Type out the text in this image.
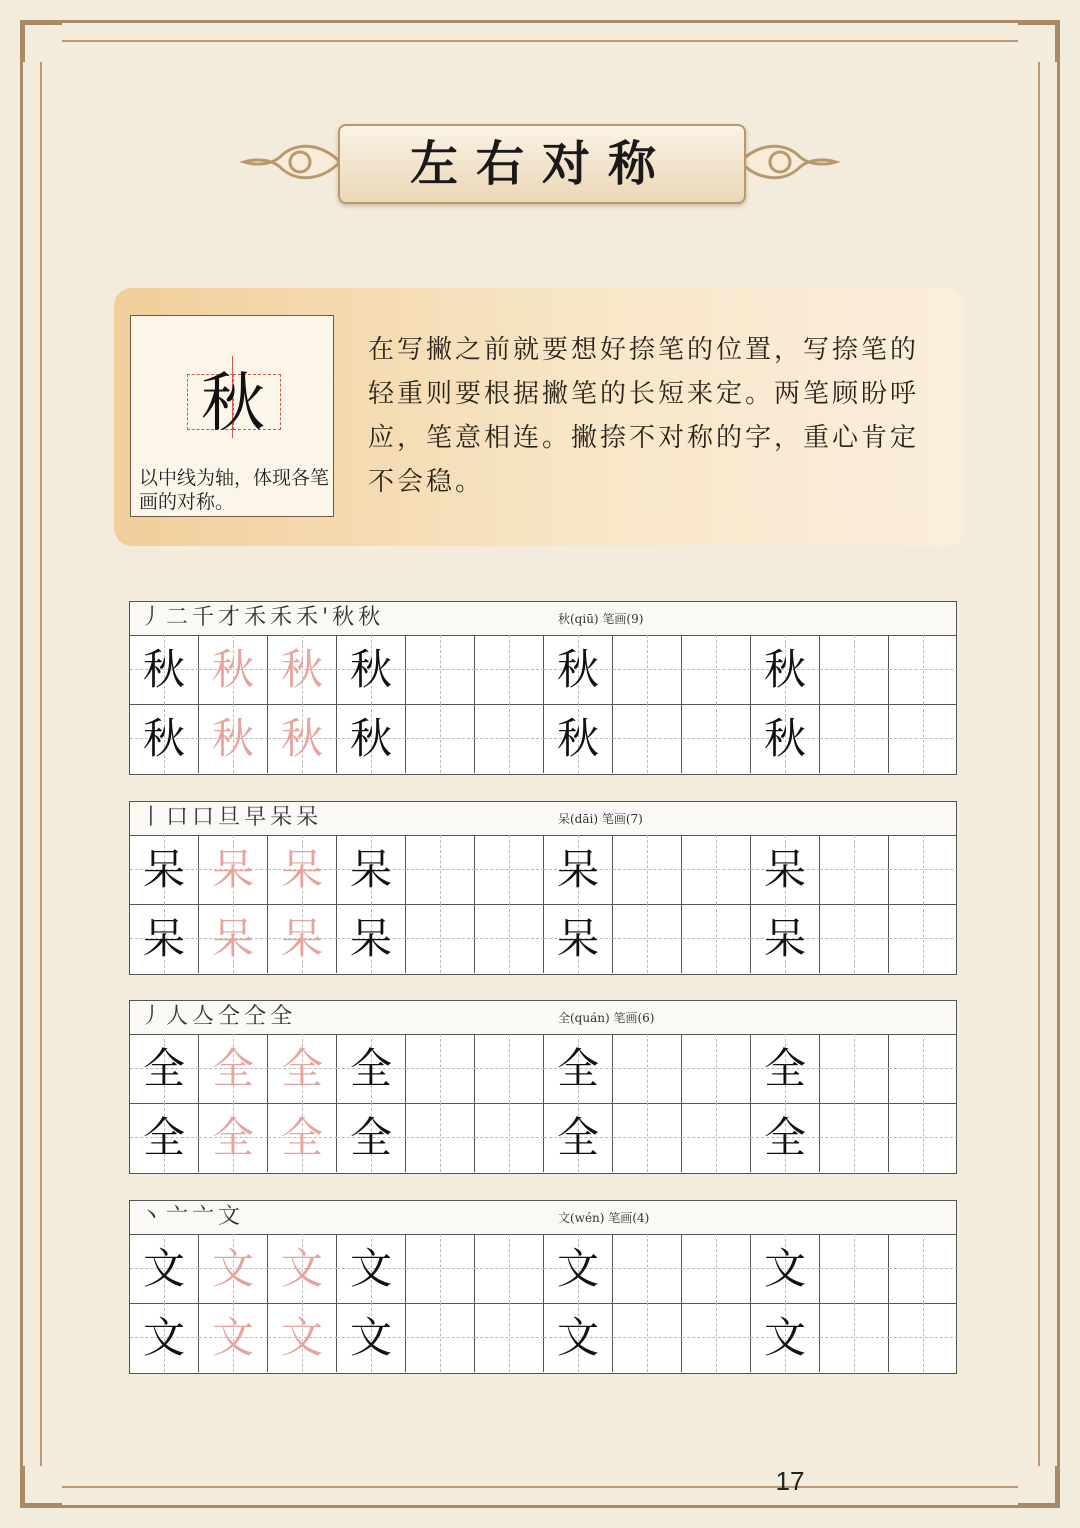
左右对称
秋
以中线为轴，体现各笔画的对称。
在写撇之前就要想好捺笔的位置，写捺笔的轻重则要根据撇笔的长短来定。两笔顾盼呼应，笔意相连。撇捺不对称的字，重心肯定不会稳。
丿二千才禾禾禾'秋秋	秋(qiū) 笔画(9)
秋 秋 秋 秋	秋	秋
秋 秋 秋 秋	秋	秋
丨口口旦早呆呆	呆(dāi) 笔画(7)
呆 呆 呆 呆	呆	呆
呆 呆 呆 呆	呆	呆
丿人亼仝仝全	全(quán) 笔画(6)
全 全 全 全	全	全
全 全 全 全	全	全
丶亠亠文	文(wén) 笔画(4)
文 文 文 文	文	文
文 文 文 文	文	文
17
